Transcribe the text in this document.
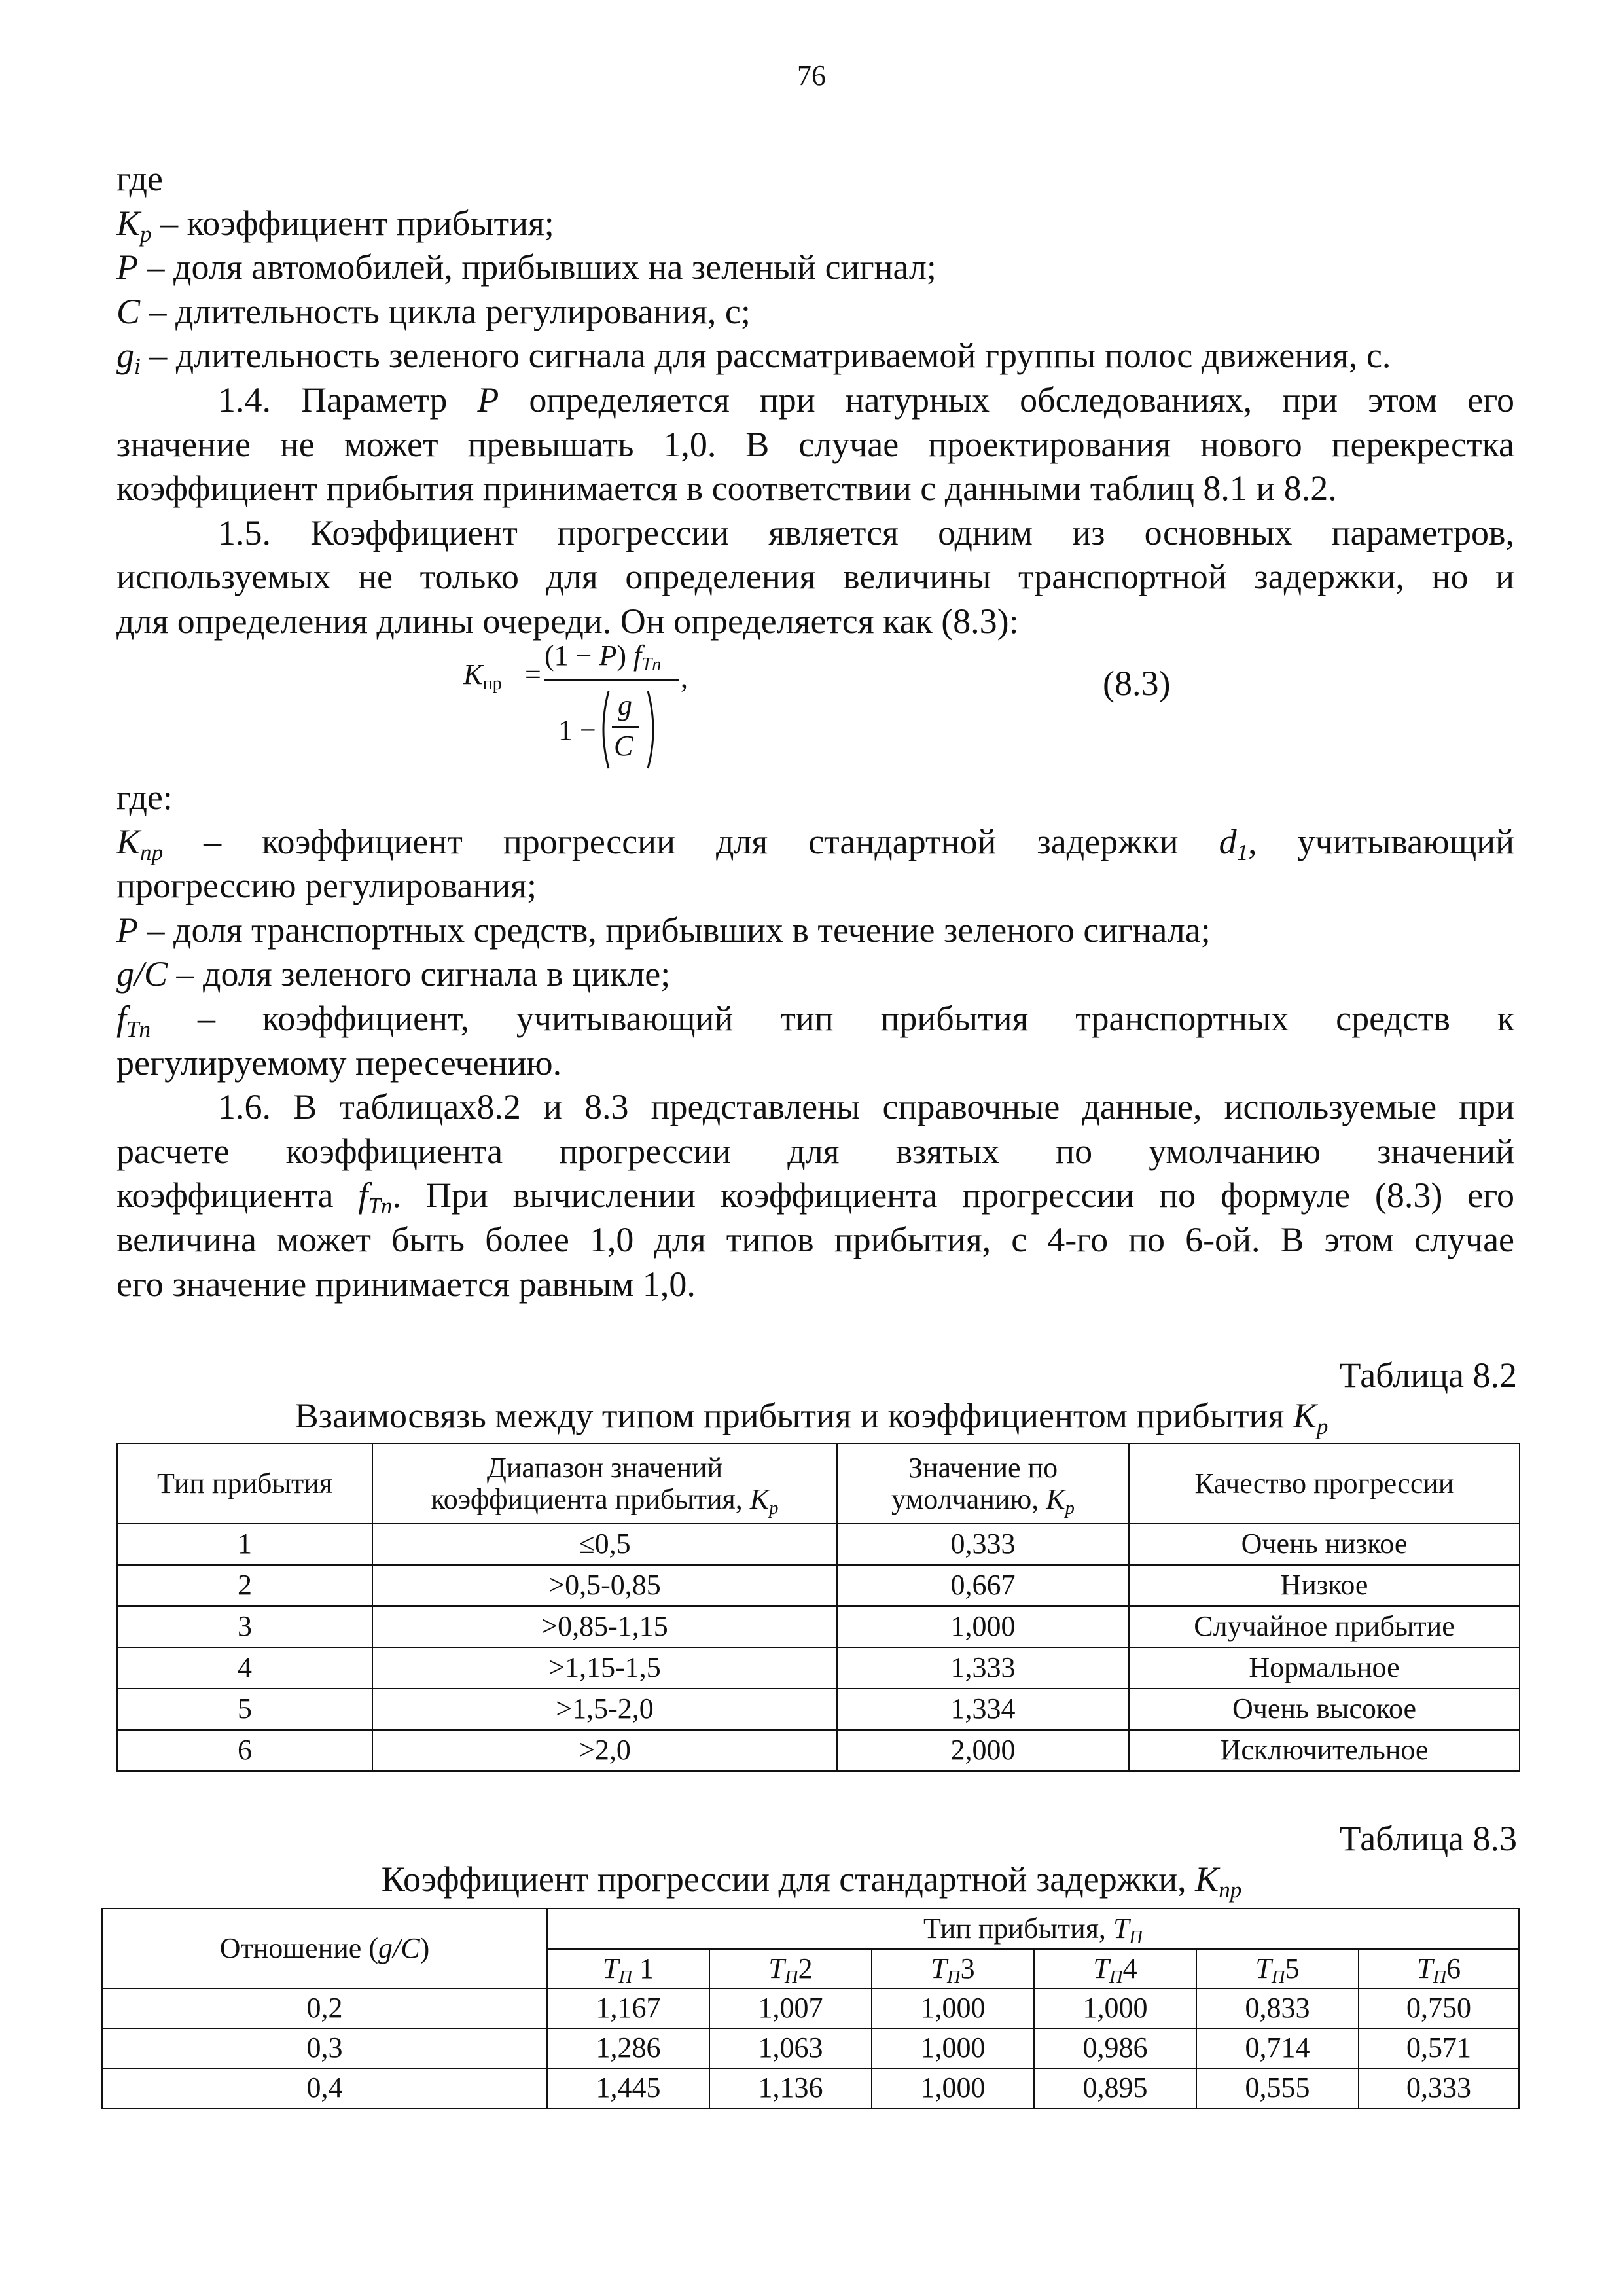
76
где
$K_p$ – коэффициент прибытия;
P – доля автомобилей, прибывших на зеленый сигнал;
C – длительность цикла регулирования, с;
$g_i$ – длительность зеленого сигнала для рассматриваемой группы полос движения, с.
1.4. Параметр P определяется при натурных обследованиях, при этом его
значение не может превышать 1,0. В случае проектирования нового перекрестка
коэффициент прибытия принимается в соответствии с данными таблиц 8.1 и 8.2.
1.5. Коэффициент прогрессии является одним из основных параметров,
используемых не только для определения величины транспортной задержки, но и
для определения длины очереди. Он определяется как (8.3):
$K_{пр}$ =
(1 − P) $f_{Tn}$
1 −
g
C
,	(8.3)
где:
$K_{пр}$ – коэффициент прогрессии для стандартной задержки $d_1$, учитывающий
прогрессию регулирования;
P – доля транспортных средств, прибывших в течение зеленого сигнала;
g/C – доля зеленого сигнала в цикле;
$f_{Tn}$ – коэффициент, учитывающий тип прибытия транспортных средств к
регулируемому пересечению.
1.6. В таблицах8.2 и 8.3 представлены справочные данные, используемые при
расчете коэффициента прогрессии для взятых по умолчанию значений
коэффициента $f_{Tn}$. При вычислении коэффициента прогрессии по формуле (8.3) его
величина может быть более 1,0 для типов прибытия, с 4-го по 6-ой. В этом случае
его значение принимается равным 1,0.
Таблица 8.2
Взаимосвязь между типом прибытия и коэффициентом прибытия $K_p$
Тип прибытия	Диапазон значений
коэффициента прибытия, $K_p$	Значение по
умолчанию, $K_p$	Качество прогрессии
1	≤0,5	0,333	Очень низкое
2	>0,5-0,85	0,667	Низкое
3	>0,85-1,15	1,000	Случайное прибытие
4	>1,15-1,5	1,333	Нормальное
5	>1,5-2,0	1,334	Очень высокое
6	>2,0	2,000	Исключительное
Таблица 8.3
Коэффициент прогрессии для стандартной задержки, $K_{пр}$
Отношение (g/C)	Тип прибытия, $T_П$
	$T_П$ 1	$T_П2$	$T_П3$	$T_П4$	$T_П5$	$T_П6$
0,2	1,167	1,007	1,000	1,000	0,833	0,750
0,3	1,286	1,063	1,000	0,986	0,714	0,571
0,4	1,445	1,136	1,000	0,895	0,555	0,333
